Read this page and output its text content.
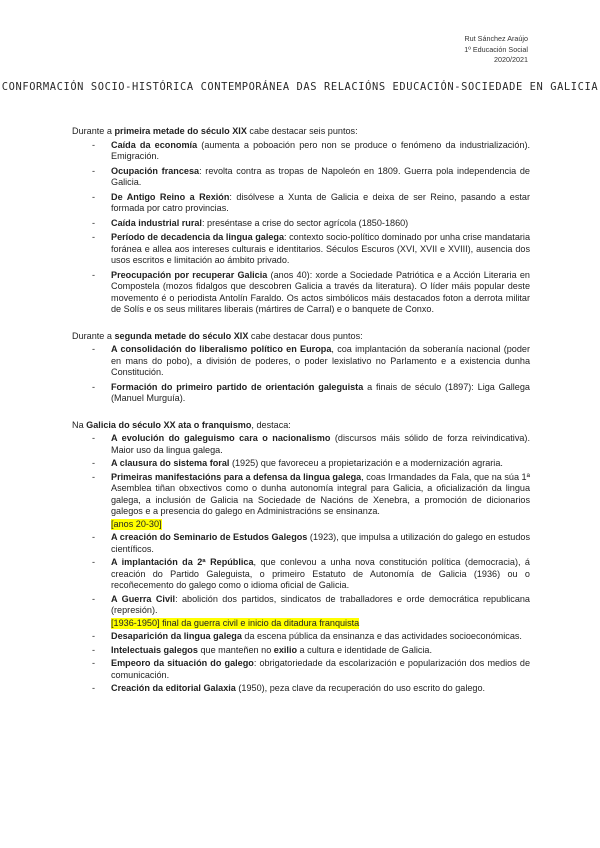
Rut Sánchez Araújo
1º Educación Social
2020/2021
CONFORMACIÓN SOCIO-HISTÓRICA CONTEMPORÁNEA DAS RELACIÓNS EDUCACIÓN-SOCIEDADE EN GALICIA

Durante a primeira metade do século XIX cabe destacar seis puntos:

- Caída da economía (aumenta a poboación pero non se produce o fenómeno da industrialización). Emigración.
- Ocupación francesa: revolta contra as tropas de Napoleón en 1809. Guerra pola independencia de Galicia.
- De Antigo Reino a Rexión: disólvese a Xunta de Galicia e deixa de ser Reino, pasando a estar formada por catro provincias.
- Caída industrial rural: preséntase a crise do sector agrícola (1850-1860)
- Período de decadencia da lingua galega: contexto socio-político dominado por unha crise mandataria foránea e allea aos intereses culturais e identitarios. Séculos Escuros (XVI, XVII e XVIII), ausencia dos usos escritos e limitación ao ámbito privado.
- Preocupación por recuperar Galicia (anos 40): xorde a Sociedade Patriótica e a Acción Literaria en Compostela (mozos fidalgos que descobren Galicia a través da literatura). O líder máis popular deste movemento é o periodista Antolín Faraldo. Os actos simbólicos máis destacados foton a derrota militar de Solís e os seus militares liberais (mártires de Carral) e o banquete de Conxo.

Durante a segunda metade do século XIX cabe destacar dous puntos:

- A consolidación do liberalismo político en Europa, coa implantación da soberanía nacional (poder en mans do pobo), a división de poderes, o poder lexislativo no Parlamento e a existencia dunha Constitución.
- Formación do primeiro partido de orientación galeguista a finais de século (1897): Liga Gallega (Manuel Murguía).

Na Galicia do século XX ata o franquismo, destaca:

- A evolución do galeguismo cara o nacionalismo (discursos máis sólido de forza reivindicativa). Maior uso da lingua galega.
- A clausura do sistema foral (1925) que favoreceu a propietarización e a modernización agraria.
- Primeiras manifestacións para a defensa da lingua galega, coas Irmandades da Fala, que na súa 1ª Asemblea tiñan obxectivos como o dunha autonomía integral para Galicia, a oficialización da lingua galega, a inclusión de Galicia na Sociedade de Nacións de Xenebra, a promoción de dicionarios galegos e a presencia do galego en Administracións se ensinanza.
[anos 20-30]
- A creación do Seminario de Estudos Galegos (1923), que impulsa a utilización do galego en estudos científicos.
- A implantación da 2ª República, que conlevou a unha nova constitución política (democracia), á creación do Partido Galeguista, o primeiro Estatuto de Autonomía de Galicia (1936) ou o recoñecemento do galego como o idioma oficial de Galicia.
- A Guerra Civil: abolición dos partidos, sindicatos de traballadores e orde democrática republicana (represión).
[1936-1950] final da guerra civil e inicio da ditadura franquista
- Desaparición da lingua galega da escena pública da ensinanza e das actividades socioeconómicas.
- Intelectuais galegos que manteñen no exilio a cultura e identidade de Galicia.
- Empeoro da situación do galego: obrigatoriedade da escolarización e popularización dos medios de comunicación.
- Creación da editorial Galaxia (1950), peza clave da recuperación do uso escrito do galego.
